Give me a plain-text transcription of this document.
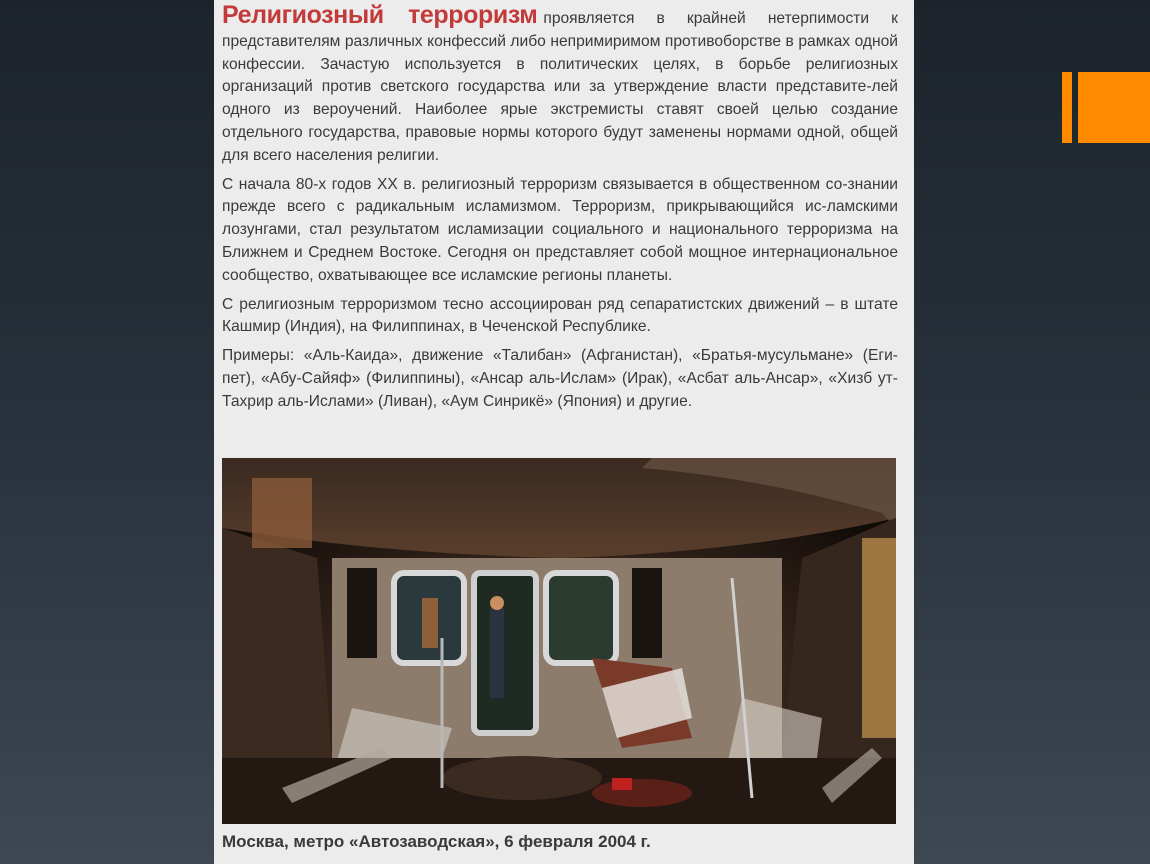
Религиозный терроризм проявляется в крайней нетерпимости к представителям различных конфессий либо непримиримом противоборстве в рамках одной конфессии. Зачастую используется в политических целях, в борьбе религиозных организаций против светского государства или за утверждение власти представите-лей одного из вероучений. Наиболее ярые экстремисты ставят своей целью создание отдельного государства, правовые нормы которого будут заменены нормами одной, общей для всего населения религии.

С начала 80-х годов XX в. религиозный терроризм связывается в общественном со-знании прежде всего с радикальным исламизмом. Терроризм, прикрывающийся ис-ламскими лозунгами, стал результатом исламизации социального и национального терроризма на Ближнем и Среднем Востоке. Сегодня он представляет собой мощное интернациональное сообщество, охватывающее все исламские регионы планеты.

С религиозным терроризмом тесно ассоциирован ряд сепаратистских движений – в штате Кашмир (Индия), на Филиппинах, в Чеченской Республике.

Примеры: «Аль-Каида», движение «Талибан» (Афганистан), «Братья-мусульмане» (Еги-пет), «Абу-Сайяф» (Филиппины), «Ансар аль-Ислам» (Ирак), «Асбат аль-Ансар», «Хизб ут-Тахрир аль-Ислами» (Ливан), «Аум Синрикё» (Япония) и другие.

Москва, метро «Автозаводская», 6 февраля 2004 г.
